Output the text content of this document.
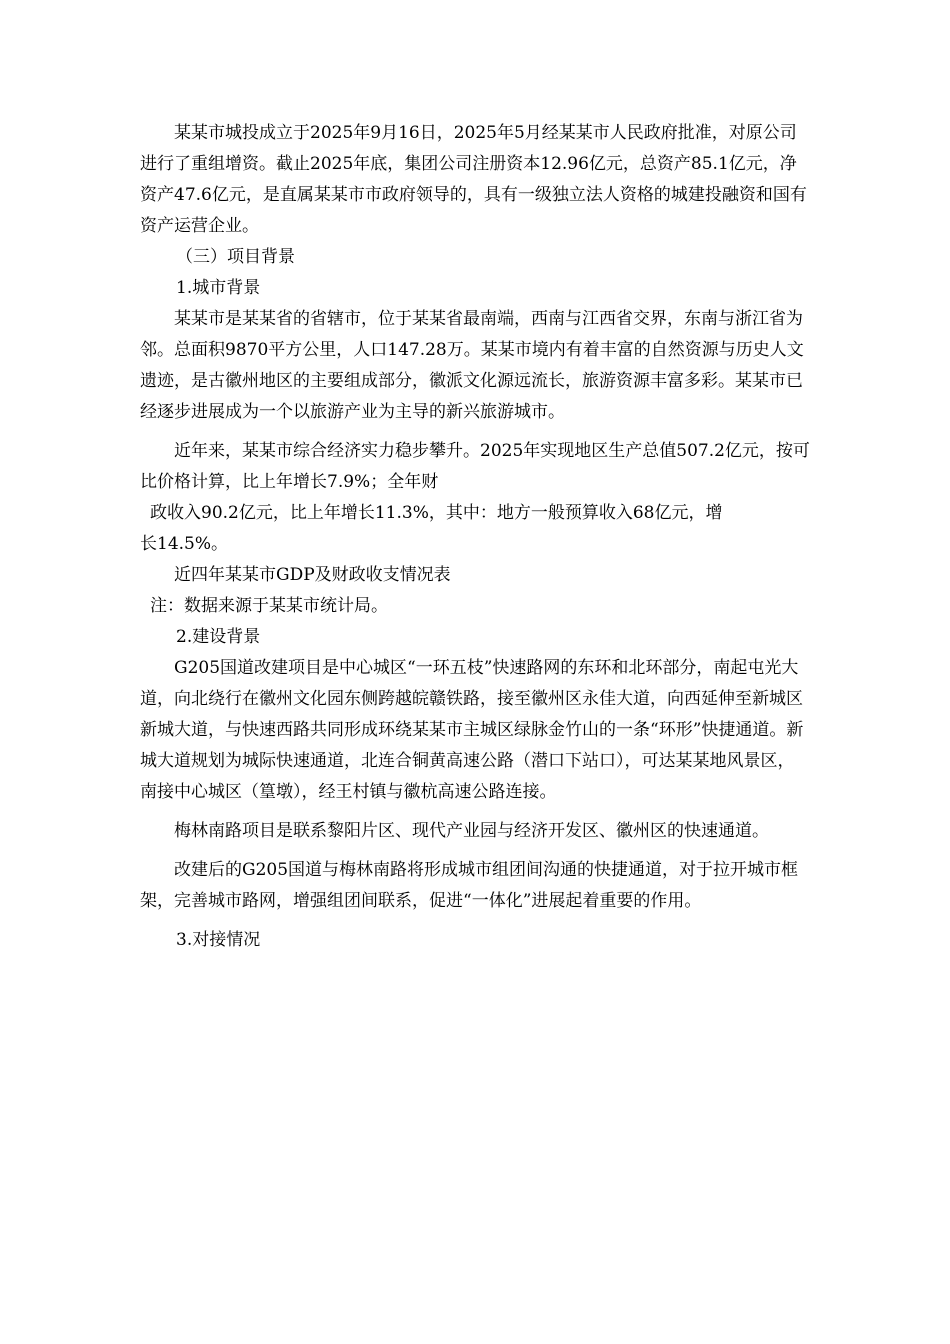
某某市城投成立于2025年9月16日，2025年5月经某某市人民政府批准，对原公司进行了重组增资。截止2025年底，集团公司注册资本12.96亿元，总资产85.1亿元，净资产47.6亿元，是直属某某市市政府领导的，具有一级独立法人资格的城建投融资和国有资产运营企业。

（三）项目背景

1.城市背景

某某市是某某省的省辖市，位于某某省最南端，西南与江西省交界，东南与浙江省为邻。总面积9870平方公里，人口147.28万。某某市境内有着丰富的自然资源与历史人文遗迹，是古徽州地区的主要组成部分，徽派文化源远流长，旅游资源丰富多彩。某某市已经逐步进展成为一个以旅游产业为主导的新兴旅游城市。

近年来，某某市综合经济实力稳步攀升。2025年实现地区生产总值507.2亿元，按可比价格计算，比上年增长7.9%；全年财

政收入90.2亿元，比上年增长11.3%，其中：地方一般预算收入68亿元，增
长14.5%。

近四年某某市GDP及财政收支情况表

注：数据来源于某某市统计局。

2.建设背景

G205国道改建项目是中心城区“一环五枝”快速路网的东环和北环部分，南起屯光大道，向北绕行在徽州文化园东侧跨越皖赣铁路，接至徽州区永佳大道，向西延伸至新城区新城大道，与快速西路共同形成环绕某某市主城区绿脉金竹山的一条“环形”快捷通道。新城大道规划为城际快速通道，北连合铜黄高速公路（潜口下站口），可达某某地风景区，南接中心城区（篁墩），经王村镇与徽杭高速公路连接。

梅林南路项目是联系黎阳片区、现代产业园与经济开发区、徽州区的快速通道。

改建后的G205国道与梅林南路将形成城市组团间沟通的快捷通道，对于拉开城市框架，完善城市路网，增强组团间联系，促进“一体化”进展起着重要的作用。

3.对接情况
